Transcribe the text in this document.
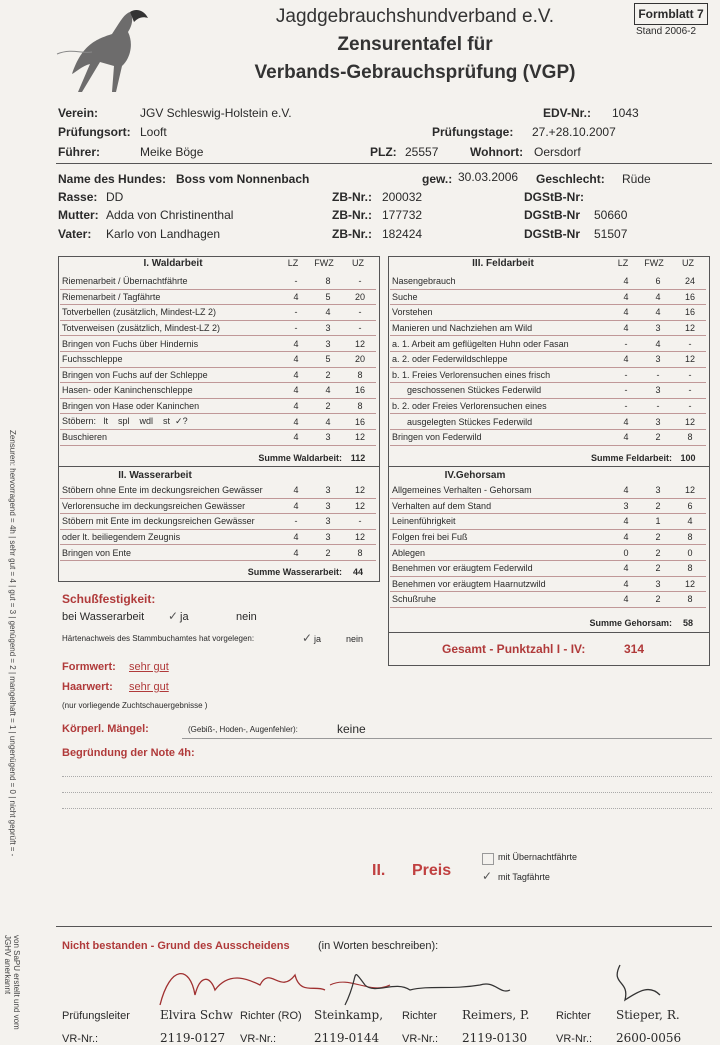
Jagdgebrauchshundverband e.V.
Zensurentafel für
Verbands-Gebrauchsprüfung (VGP)
Formblatt 7
Stand 2006-2
Verein:	JGV Schleswig-Holstein e.V.	EDV-Nr.: 1043
Prüfungsort: Looft	Prüfungstage: 27.+28.10.2007
Führer:	Meike Böge	PLZ: 25557	Wohnort: Oersdorf
Name des Hundes: Boss vom Nonnenbach	gew.: 30.03.2006 Geschlecht: Rüde
Rasse: DD	ZB-Nr.: 200032	DGStB-Nr:
Mutter: Adda von Christinenthal	ZB-Nr.: 177732	DGStB-Nr 50660
Vater: Karlo von Landhagen	ZB-Nr.: 182424	DGStB-Nr 51507
I. Waldarbeit	LZ	FWZ	UZ
Riemenarbeit / Übernachtfährte	-	8	-
Riemenarbeit / Tagfährte	4	5	20
Totverbellen (zusätzlich, Mindest-LZ 2)	-	4	-
Totverweisen (zusätzlich, Mindest-LZ 2)	-	3	-
Bringen von Fuchs über Hindernis	4	3	12
Fuchsschleppe	4	5	20
Bringen von Fuchs auf der Schleppe	4	2	8
Hasen- oder Kaninchenschleppe	4	4	16
Bringen von Hase oder Kaninchen	4	2	8
Stöbern:   lt    spl    wdl    st  ✓?	4	4	16
Buschieren	4	3	12
Summe Waldarbeit: 112
II. Wasserarbeit
Stöbern ohne Ente im deckungsreichen Gewässer	4	3	12
Verlorensuche im deckungsreichen Gewässer	4	3	12
Stöbern mit Ente im deckungsreichen Gewässer	-	3	-
oder lt. beiliegendem Zeugnis	4	3	12
Bringen von Ente	4	2	8
Summe Wasserarbeit:	44
III. Feldarbeit	LZ	FWZ	UZ
Nasengebrauch	4	6	24
Suche	4	4	16
Vorstehen	4	4	16
Manieren und Nachziehen am Wild	4	3	12
a. 1. Arbeit am geflügelten Huhn oder Fasan	-	4	-
a. 2. oder Federwildschleppe	4	3	12
b. 1. Freies Verlorensuchen eines frisch	-	-	-
geschossenen Stückes Federwild	-	3	-
b. 2. oder Freies Verlorensuchen eines	-	-	-
ausgelegten Stückes Federwild	4	3	12
Bringen von Federwild	4	2	8
Summe Feldarbeit: 100
IV.Gehorsam
Allgemeines Verhalten - Gehorsam	4	3	12
Verhalten auf dem Stand	3	2	6
Leinenführigkeit	4	1	4
Folgen frei bei Fuß	4	2	8
Ablegen	0	2	0
Benehmen vor eräugtem Federwild	4	2	8
Benehmen vor eräugtem Haarnutzwild	4	3	12
Schußruhe	4	2	8
Summe Gehorsam:	58
Gesamt - Punktzahl I - IV:	314
Schußfestigkeit:
bei Wasserarbeit ✓ ja	nein
Härtenachweis des Stammbuchamtes hat vorgelegen:	✓ ja	nein
Formwert: sehr gut
Haarwert: sehr gut
(nur vorliegende Zuchtschauergebnisse )
Körperl. Mängel:	(Gebiß-, Hoden-, Augenfehler):	keine
Begründung der Note 4h:
II. Preis
mit Übernachtfährte
✓ mit Tagfährte
Nicht bestanden - Grund des Ausscheidens	(in Worten beschreiben):
Prüfungsleiter	Elvira Schw Richter (RO) Steinkamp, Richter Reimers, P. Richter Stieper, R.
VR-Nr.:	2119-0127 VR-Nr.:	2119-0144 VR-Nr.: 2119-0130	VR-Nr.: 2600-0056
Zensuren: hervorragend = 4h | sehr gut = 4 | gut = 3 | genügend = 2 | mangelhaft = 1 | ungenügend = 0 | nicht geprüft = -
von SaPU erstellt und vom JGHV anerkannt
